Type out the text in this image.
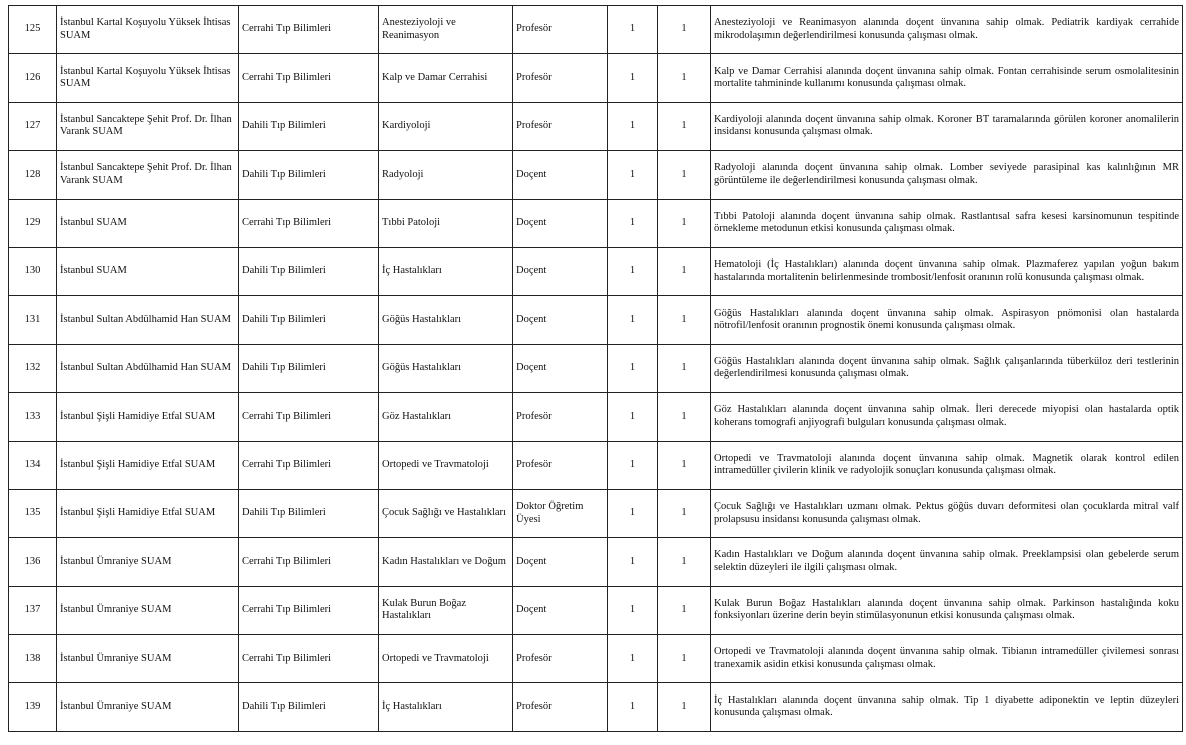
125	İstanbul Kartal Koşuyolu Yüksek İhtisas SUAM	Cerrahi Tıp Bilimleri	Anesteziyoloji ve Reanimasyon	Profesör	1	1	Anesteziyoloji ve Reanimasyon alanında doçent ünvanına sahip olmak. Pediatrik kardiyak cerrahide mikrodolaşımın değerlendirilmesi konusunda çalışması olmak.
126	İstanbul Kartal Koşuyolu Yüksek İhtisas SUAM	Cerrahi Tıp Bilimleri	Kalp ve Damar Cerrahisi	Profesör	1	1	Kalp ve Damar Cerrahisi alanında doçent ünvanına sahip olmak. Fontan cerrahisinde serum osmolalitesinin mortalite tahmininde kullanımı konusunda çalışması olmak.
127	İstanbul Sancaktepe Şehit Prof. Dr. İlhan Varank SUAM	Dahili Tıp Bilimleri	Kardiyoloji	Profesör	1	1	Kardiyoloji alanında doçent ünvanına sahip olmak. Koroner BT taramalarında görülen koroner anomalilerin insidansı konusunda çalışması olmak.
128	İstanbul Sancaktepe Şehit Prof. Dr. İlhan Varank SUAM	Dahili Tıp Bilimleri	Radyoloji	Doçent	1	1	Radyoloji alanında doçent ünvanına sahip olmak. Lomber seviyede parasipinal kas kalınlığının MR görüntüleme ile değerlendirilmesi konusunda çalışması olmak.
129	İstanbul SUAM	Cerrahi Tıp Bilimleri	Tıbbi Patoloji	Doçent	1	1	Tıbbi Patoloji alanında doçent ünvanına sahip olmak. Rastlantısal safra kesesi karsinomunun tespitinde örnekleme metodunun etkisi konusunda çalışması olmak.
130	İstanbul SUAM	Dahili Tıp Bilimleri	İç Hastalıkları	Doçent	1	1	Hematoloji (İç Hastalıkları) alanında doçent ünvanına sahip olmak. Plazmaferez yapılan yoğun bakım hastalarında mortalitenin belirlenmesinde trombosit/lenfosit oranının rolü konusunda çalışması olmak.
131	İstanbul Sultan Abdülhamid Han SUAM	Dahili Tıp Bilimleri	Göğüs Hastalıkları	Doçent	1	1	Göğüs Hastalıkları alanında doçent ünvanına sahip olmak. Aspirasyon pnömonisi olan hastalarda nötrofil/lenfosit oranının prognostik önemi konusunda çalışması olmak.
132	İstanbul Sultan Abdülhamid Han SUAM	Dahili Tıp Bilimleri	Göğüs Hastalıkları	Doçent	1	1	Göğüs Hastalıkları alanında doçent ünvanına sahip olmak. Sağlık çalışanlarında tüberküloz deri testlerinin değerlendirilmesi konusunda çalışması olmak.
133	İstanbul Şişli Hamidiye Etfal SUAM	Cerrahi Tıp Bilimleri	Göz Hastalıkları	Profesör	1	1	Göz Hastalıkları alanında doçent ünvanına sahip olmak. İleri derecede miyopisi olan hastalarda optik koherans tomografi anjiyografi bulguları konusunda çalışması olmak.
134	İstanbul Şişli Hamidiye Etfal SUAM	Cerrahi Tıp Bilimleri	Ortopedi ve Travmatoloji	Profesör	1	1	Ortopedi ve Travmatoloji alanında doçent ünvanına sahip olmak. Magnetik olarak kontrol edilen intramedüller çivilerin klinik ve radyolojik sonuçları konusunda çalışması olmak.
135	İstanbul Şişli Hamidiye Etfal SUAM	Dahili Tıp Bilimleri	Çocuk Sağlığı ve Hastalıkları	Doktor Öğretim Üyesi	1	1	Çocuk Sağlığı ve Hastalıkları uzmanı olmak. Pektus göğüs duvarı deformitesi olan çocuklarda mitral valf prolapsusu insidansı konusunda çalışması olmak.
136	İstanbul Ümraniye SUAM	Cerrahi Tıp Bilimleri	Kadın Hastalıkları ve Doğum	Doçent	1	1	Kadın Hastalıkları ve Doğum alanında doçent ünvanına sahip olmak. Preeklampsisi olan gebelerde serum selektin düzeyleri ile ilgili çalışması olmak.
137	İstanbul Ümraniye SUAM	Cerrahi Tıp Bilimleri	Kulak Burun Boğaz Hastalıkları	Doçent	1	1	Kulak Burun Boğaz Hastalıkları alanında doçent ünvanına sahip olmak. Parkinson hastalığında koku fonksiyonları üzerine derin beyin stimülasyonunun etkisi konusunda çalışması olmak.
138	İstanbul Ümraniye SUAM	Cerrahi Tıp Bilimleri	Ortopedi ve Travmatoloji	Profesör	1	1	Ortopedi ve Travmatoloji alanında doçent ünvanına sahip olmak. Tibianın intramedüller çivilemesi sonrası tranexamik asidin etkisi konusunda çalışması olmak.
139	İstanbul Ümraniye SUAM	Dahili Tıp Bilimleri	İç Hastalıkları	Profesör	1	1	İç Hastalıkları alanında doçent ünvanına sahip olmak. Tip 1 diyabette adiponektin ve leptin düzeyleri konusunda çalışması olmak.
